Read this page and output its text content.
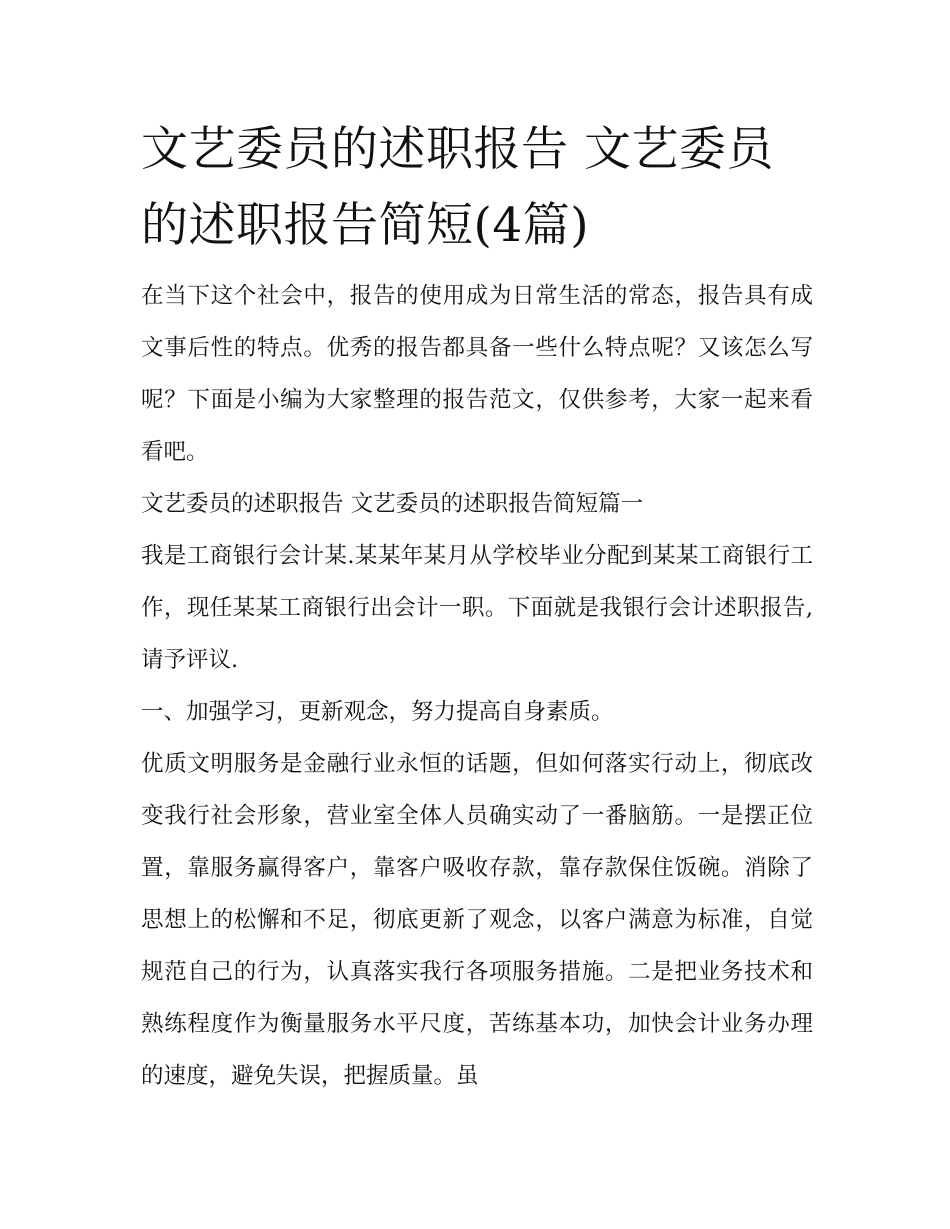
文艺委员的述职报告 文艺委员的述职报告简短(4篇)

在当下这个社会中，报告的使用成为日常生活的常态，报告具有成文事后性的特点。优秀的报告都具备一些什么特点呢？又该怎么写呢？下面是小编为大家整理的报告范文，仅供参考，大家一起来看看吧。

文艺委员的述职报告 文艺委员的述职报告简短篇一

我是工商银行会计某.某某年某月从学校毕业分配到某某工商银行工作，现任某某工商银行出会计一职。下面就是我银行会计述职报告,请予评议.

一、加强学习，更新观念，努力提高自身素质。

优质文明服务是金融行业永恒的话题，但如何落实行动上，彻底改变我行社会形象，营业室全体人员确实动了一番脑筋。一是摆正位置，靠服务赢得客户，靠客户吸收存款，靠存款保住饭碗。消除了思想上的松懈和不足，彻底更新了观念，以客户满意为标准，自觉规范自己的行为，认真落实我行各项服务措施。二是把业务技术和熟练程度作为衡量服务水平尺度，苦练基本功，加快会计业务办理的速度，避免失误，把握质量。虽
